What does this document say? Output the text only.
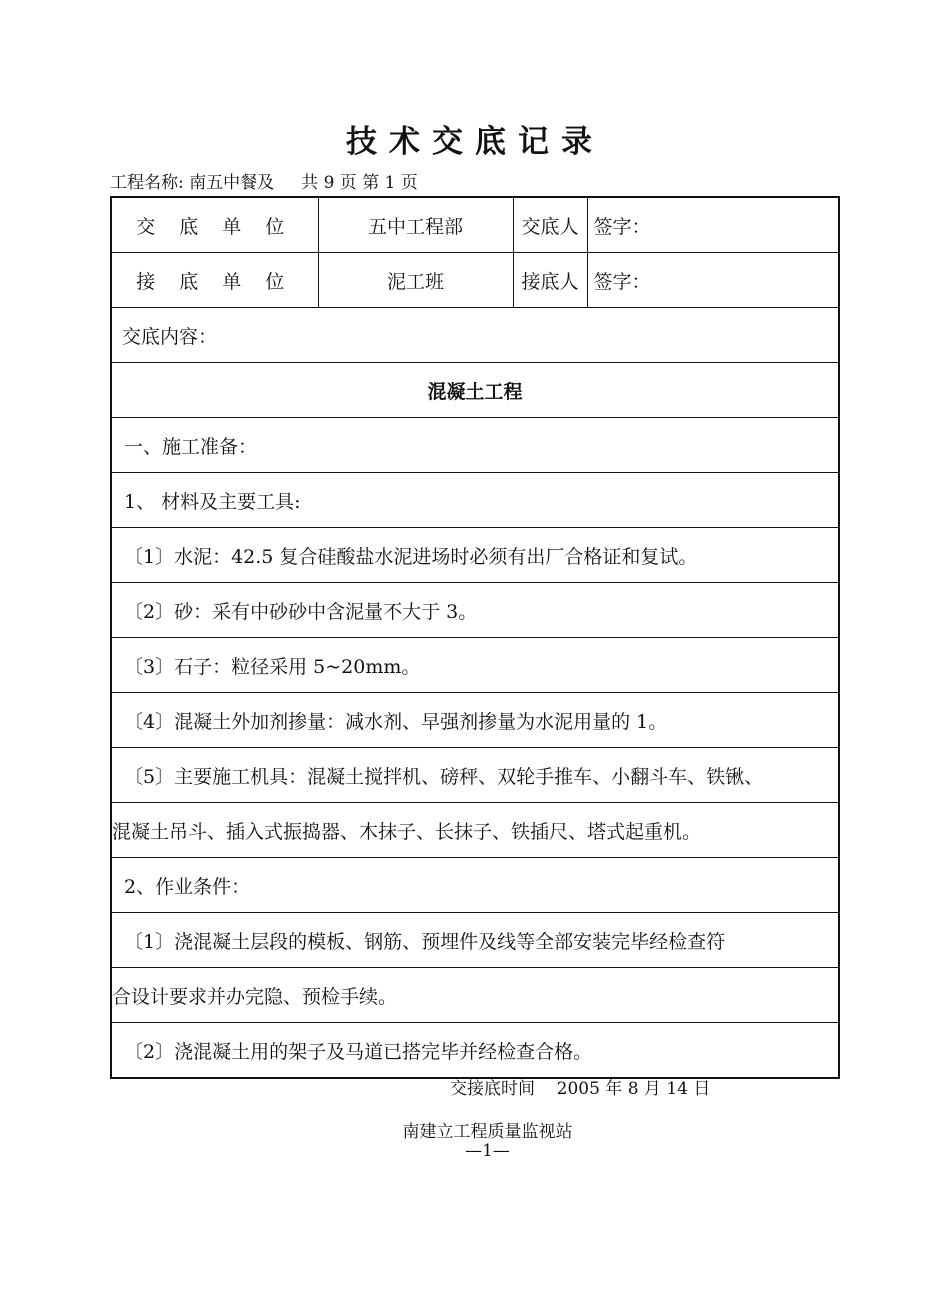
技术交底记录
工程名称: 南五中餐及 共 9 页 第 1 页
交 底 单 位	五中工程部	交底人	签字：
接 底 单 位	泥工班	接底人	签字：
交底内容：			
混凝土工程			
一、施工准备：			
1、 材料及主要工具:			
〔1〕水泥：42.5 复合硅酸盐水泥进场时必须有出厂合格证和复试。			
〔2〕砂：采有中砂砂中含泥量不大于 3。			
〔3〕石子：粒径采用 5~20mm。			
〔4〕混凝土外加剂掺量：减水剂、早强剂掺量为水泥用量的 1。			
〔5〕主要施工机具：混凝土搅拌机、磅秤、双轮手推车、小翻斗车、铁锹、			
混凝土吊斗、插入式振捣器、木抹子、长抹子、铁插尺、塔式起重机。			
2、作业条件：			
〔1〕浇混凝土层段的模板、钢筋、预埋件及线等全部安装完毕经检查符			
合设计要求并办完隐、预检手续。			
〔2〕浇混凝土用的架子及马道已搭完毕并经检查合格。			
交接底时间 2005 年 8 月 14 日
南建立工程质量监视站
—1—
